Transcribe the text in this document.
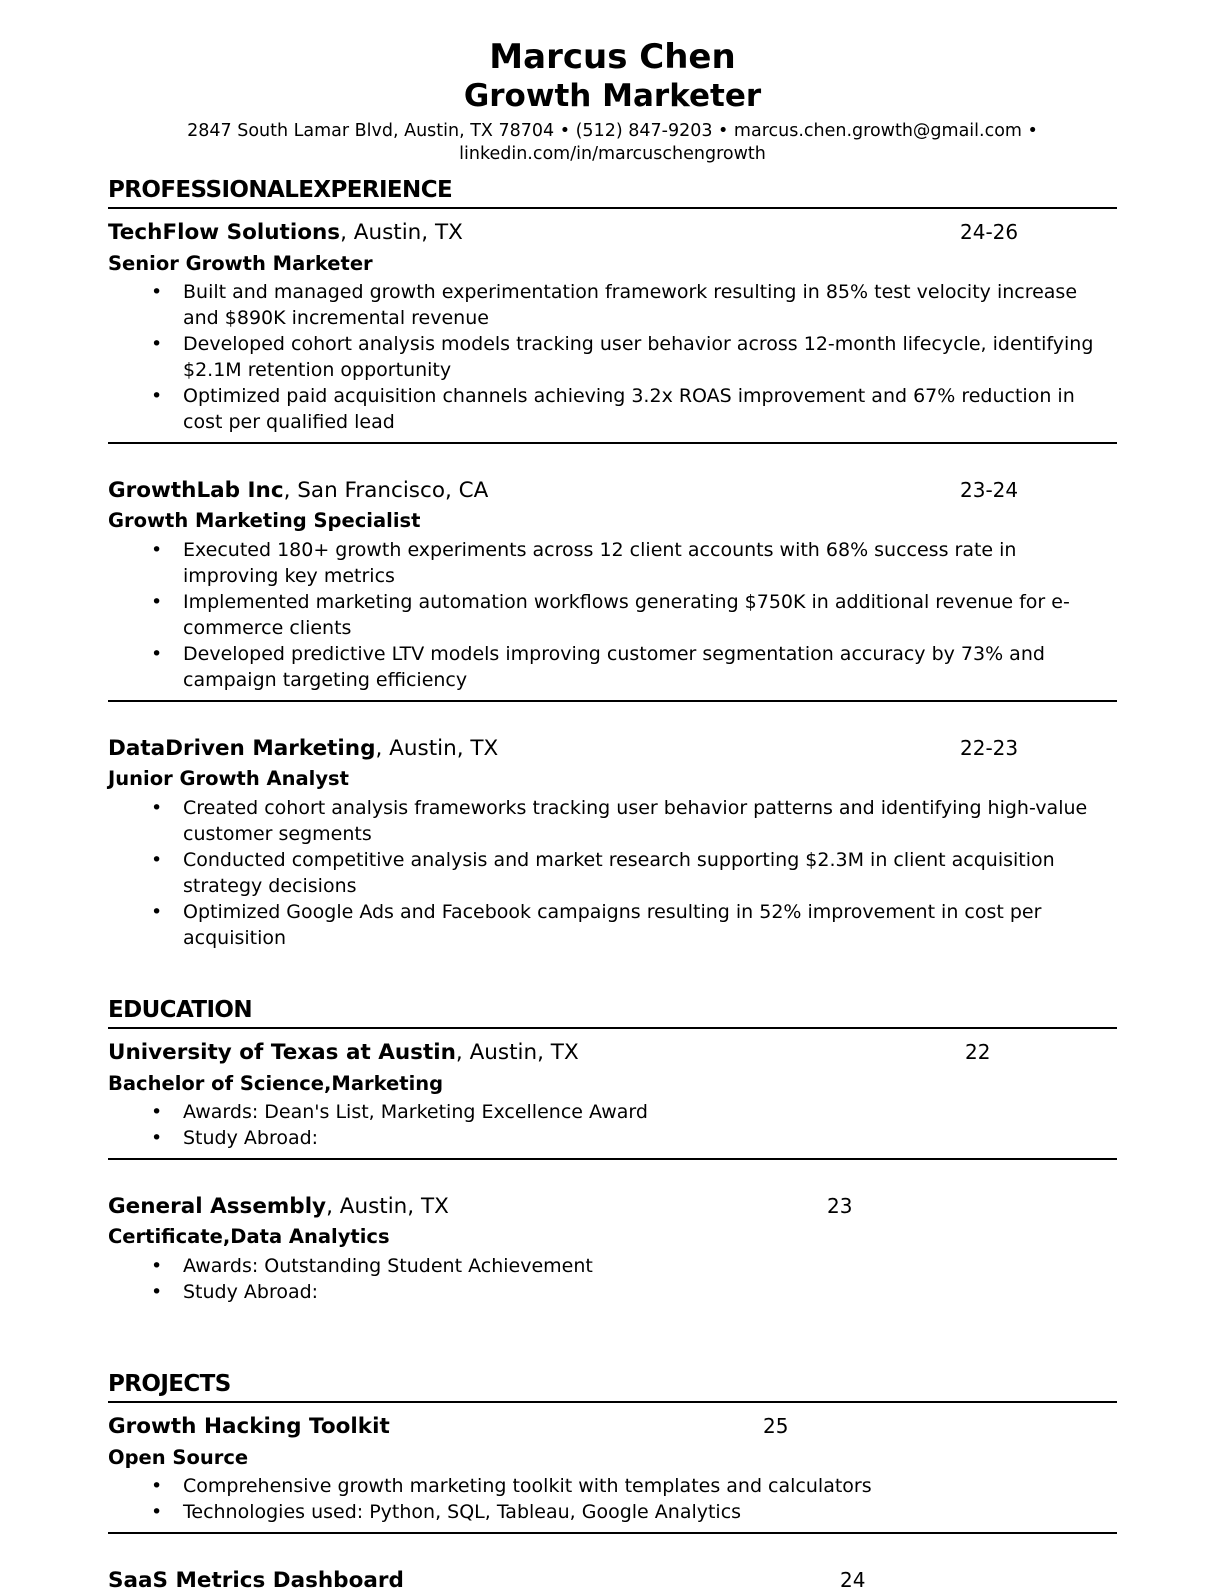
Marcus Chen
Growth Marketer
2847 South Lamar Blvd, Austin, TX 78704 • (512) 847-9203 • marcus.chen.growth@gmail.com •
linkedin.com/in/marcuschengrowth
PROFESSIONALEXPERIENCE
TechFlow Solutions, Austin, TX	24-26
Senior Growth Marketer
• Built and managed growth experimentation framework resulting in 85% test velocity increase and $890K incremental revenue
• Developed cohort analysis models tracking user behavior across 12-month lifecycle, identifying $2.1M retention opportunity
• Optimized paid acquisition channels achieving 3.2x ROAS improvement and 67% reduction in cost per qualified lead
GrowthLab Inc, San Francisco, CA	23-24
Growth Marketing Specialist
• Executed 180+ growth experiments across 12 client accounts with 68% success rate in improving key metrics
• Implemented marketing automation workflows generating $750K in additional revenue for e-commerce clients
• Developed predictive LTV models improving customer segmentation accuracy by 73% and campaign targeting efficiency
DataDriven Marketing, Austin, TX	22-23
Junior Growth Analyst
• Created cohort analysis frameworks tracking user behavior patterns and identifying high-value customer segments
• Conducted competitive analysis and market research supporting $2.3M in client acquisition strategy decisions
• Optimized Google Ads and Facebook campaigns resulting in 52% improvement in cost per acquisition
EDUCATION
University of Texas at Austin, Austin, TX	22
Bachelor of Science,Marketing
• Awards: Dean's List, Marketing Excellence Award
• Study Abroad:
General Assembly, Austin, TX	23
Certificate,Data Analytics
• Awards: Outstanding Student Achievement
• Study Abroad:
PROJECTS
Growth Hacking Toolkit	25
Open Source
• Comprehensive growth marketing toolkit with templates and calculators
• Technologies used: Python, SQL, Tableau, Google Analytics
SaaS Metrics Dashboard	24
